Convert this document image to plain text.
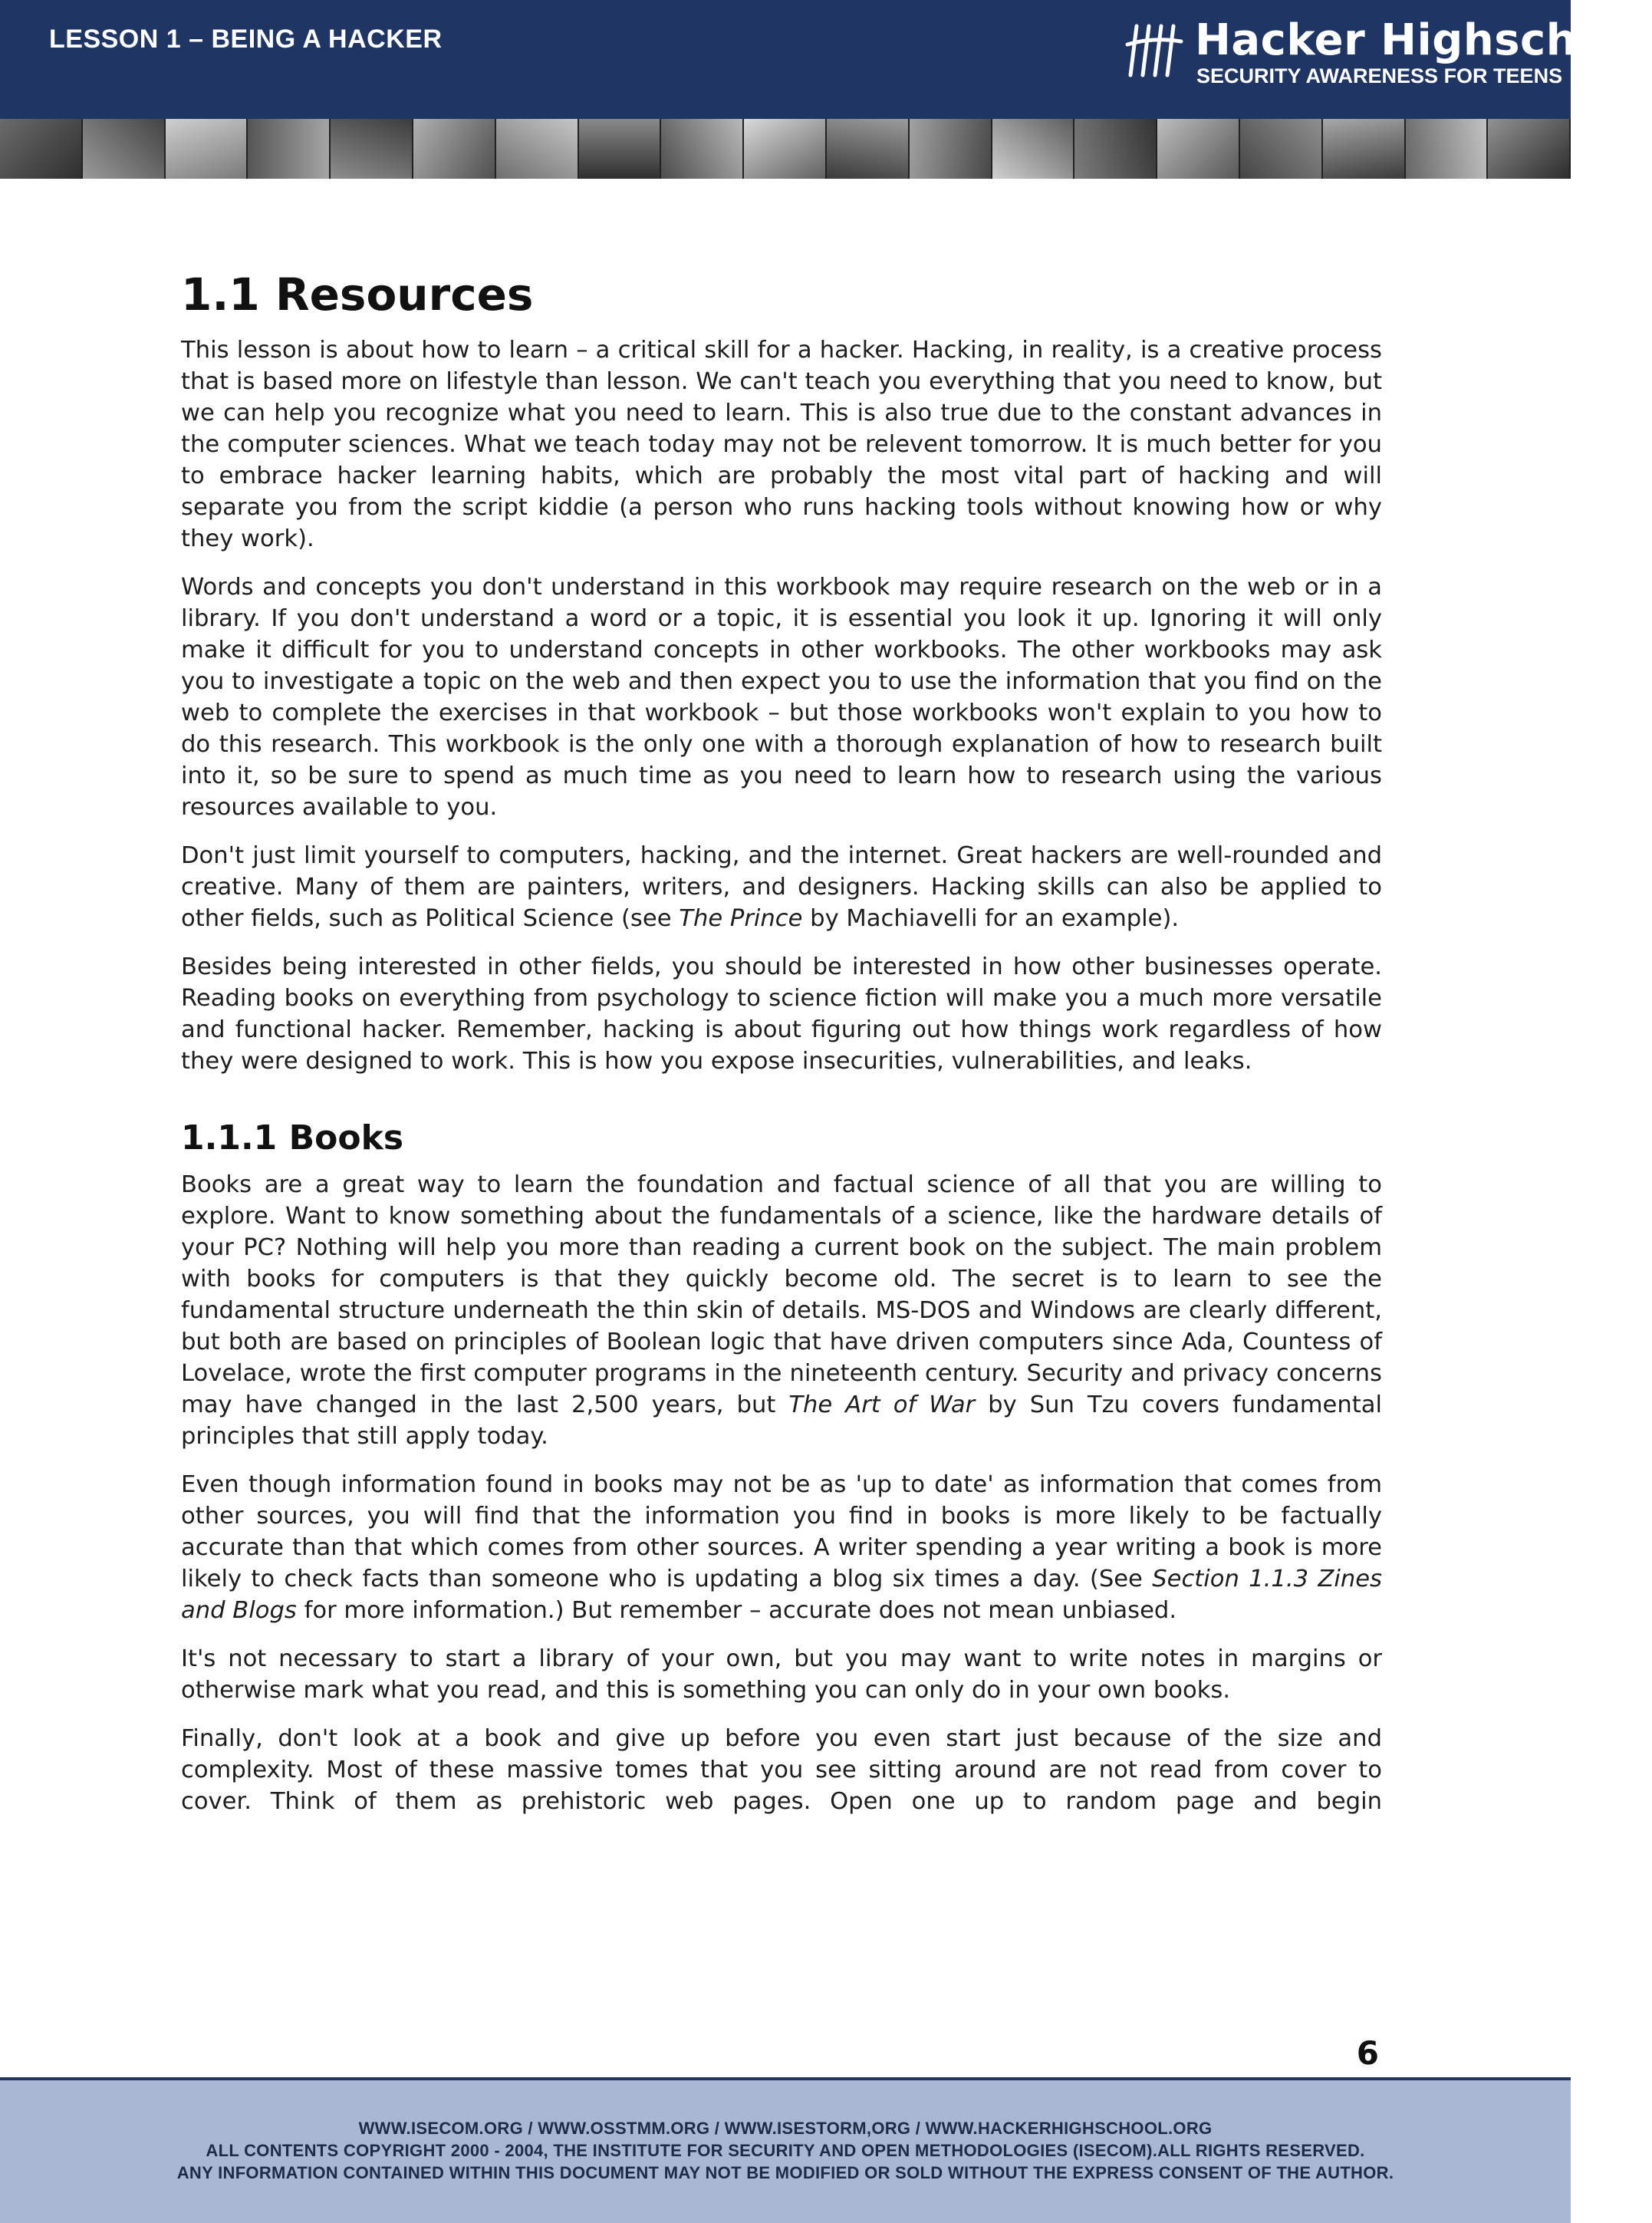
LESSON 1 – BEING A HACKER	Hacker Highschool
SECURITY AWARENESS FOR TEENS
1.1 Resources

This lesson is about how to learn – a critical skill for a hacker. Hacking, in reality, is a creative process that is based more on lifestyle than lesson. We can't teach you everything that you need to know, but we can help you recognize what you need to learn. This is also true due to the constant advances in the computer sciences. What we teach today may not be relevent tomorrow. It is much better for you to embrace hacker learning habits, which are probably the most vital part of hacking and will separate you from the script kiddie (a person who runs hacking tools without knowing how or why they work).

Words and concepts you don't understand in this workbook may require research on the web or in a library. If you don't understand a word or a topic, it is essential you look it up. Ignoring it will only make it difficult for you to understand concepts in other workbooks. The other workbooks may ask you to investigate a topic on the web and then expect you to use the information that you find on the web to complete the exercises in that workbook – but those workbooks won't explain to you how to do this research. This workbook is the only one with a thorough explanation of how to research built into it, so be sure to spend as much time as you need to learn how to research using the various resources available to you.

Don't just limit yourself to computers, hacking, and the internet. Great hackers are well-rounded and creative. Many of them are painters, writers, and designers. Hacking skills can also be applied to other fields, such as Political Science (see The Prince by Machiavelli for an example).

Besides being interested in other fields, you should be interested in how other businesses operate. Reading books on everything from psychology to science fiction will make you a much more versatile and functional hacker. Remember, hacking is about figuring out how things work regardless of how they were designed to work. This is how you expose insecurities, vulnerabilities, and leaks.

1.1.1 Books

Books are a great way to learn the foundation and factual science of all that you are willing to explore. Want to know something about the fundamentals of a science, like the hardware details of your PC? Nothing will help you more than reading a current book on the subject. The main problem with books for computers is that they quickly become old. The secret is to learn to see the fundamental structure underneath the thin skin of details. MS-DOS and Windows are clearly different, but both are based on principles of Boolean logic that have driven computers since Ada, Countess of Lovelace, wrote the first computer programs in the nineteenth century. Security and privacy concerns may have changed in the last 2,500 years, but The Art of War by Sun Tzu covers fundamental principles that still apply today.

Even though information found in books may not be as 'up to date' as information that comes from other sources, you will find that the information you find in books is more likely to be factually accurate than that which comes from other sources. A writer spending a year writing a book is more likely to check facts than someone who is updating a blog six times a day. (See Section 1.1.3 Zines and Blogs for more information.) But remember – accurate does not mean unbiased.

It's not necessary to start a library of your own, but you may want to write notes in margins or otherwise mark what you read, and this is something you can only do in your own books.

Finally, don't look at a book and give up before you even start just because of the size and complexity. Most of these massive tomes that you see sitting around are not read from cover to cover. Think of them as prehistoric web pages. Open one up to random page and begin

6
WWW.ISECOM.ORG / WWW.OSSTMM.ORG / WWW.ISESTORM,ORG / WWW.HACKERHIGHSCHOOL.ORG
ALL CONTENTS COPYRIGHT 2000 - 2004, THE INSTITUTE FOR SECURITY AND OPEN METHODOLOGIES (ISECOM).ALL RIGHTS RESERVED.
ANY INFORMATION CONTAINED WITHIN THIS DOCUMENT MAY NOT BE MODIFIED OR SOLD WITHOUT THE EXPRESS CONSENT OF THE AUTHOR.
